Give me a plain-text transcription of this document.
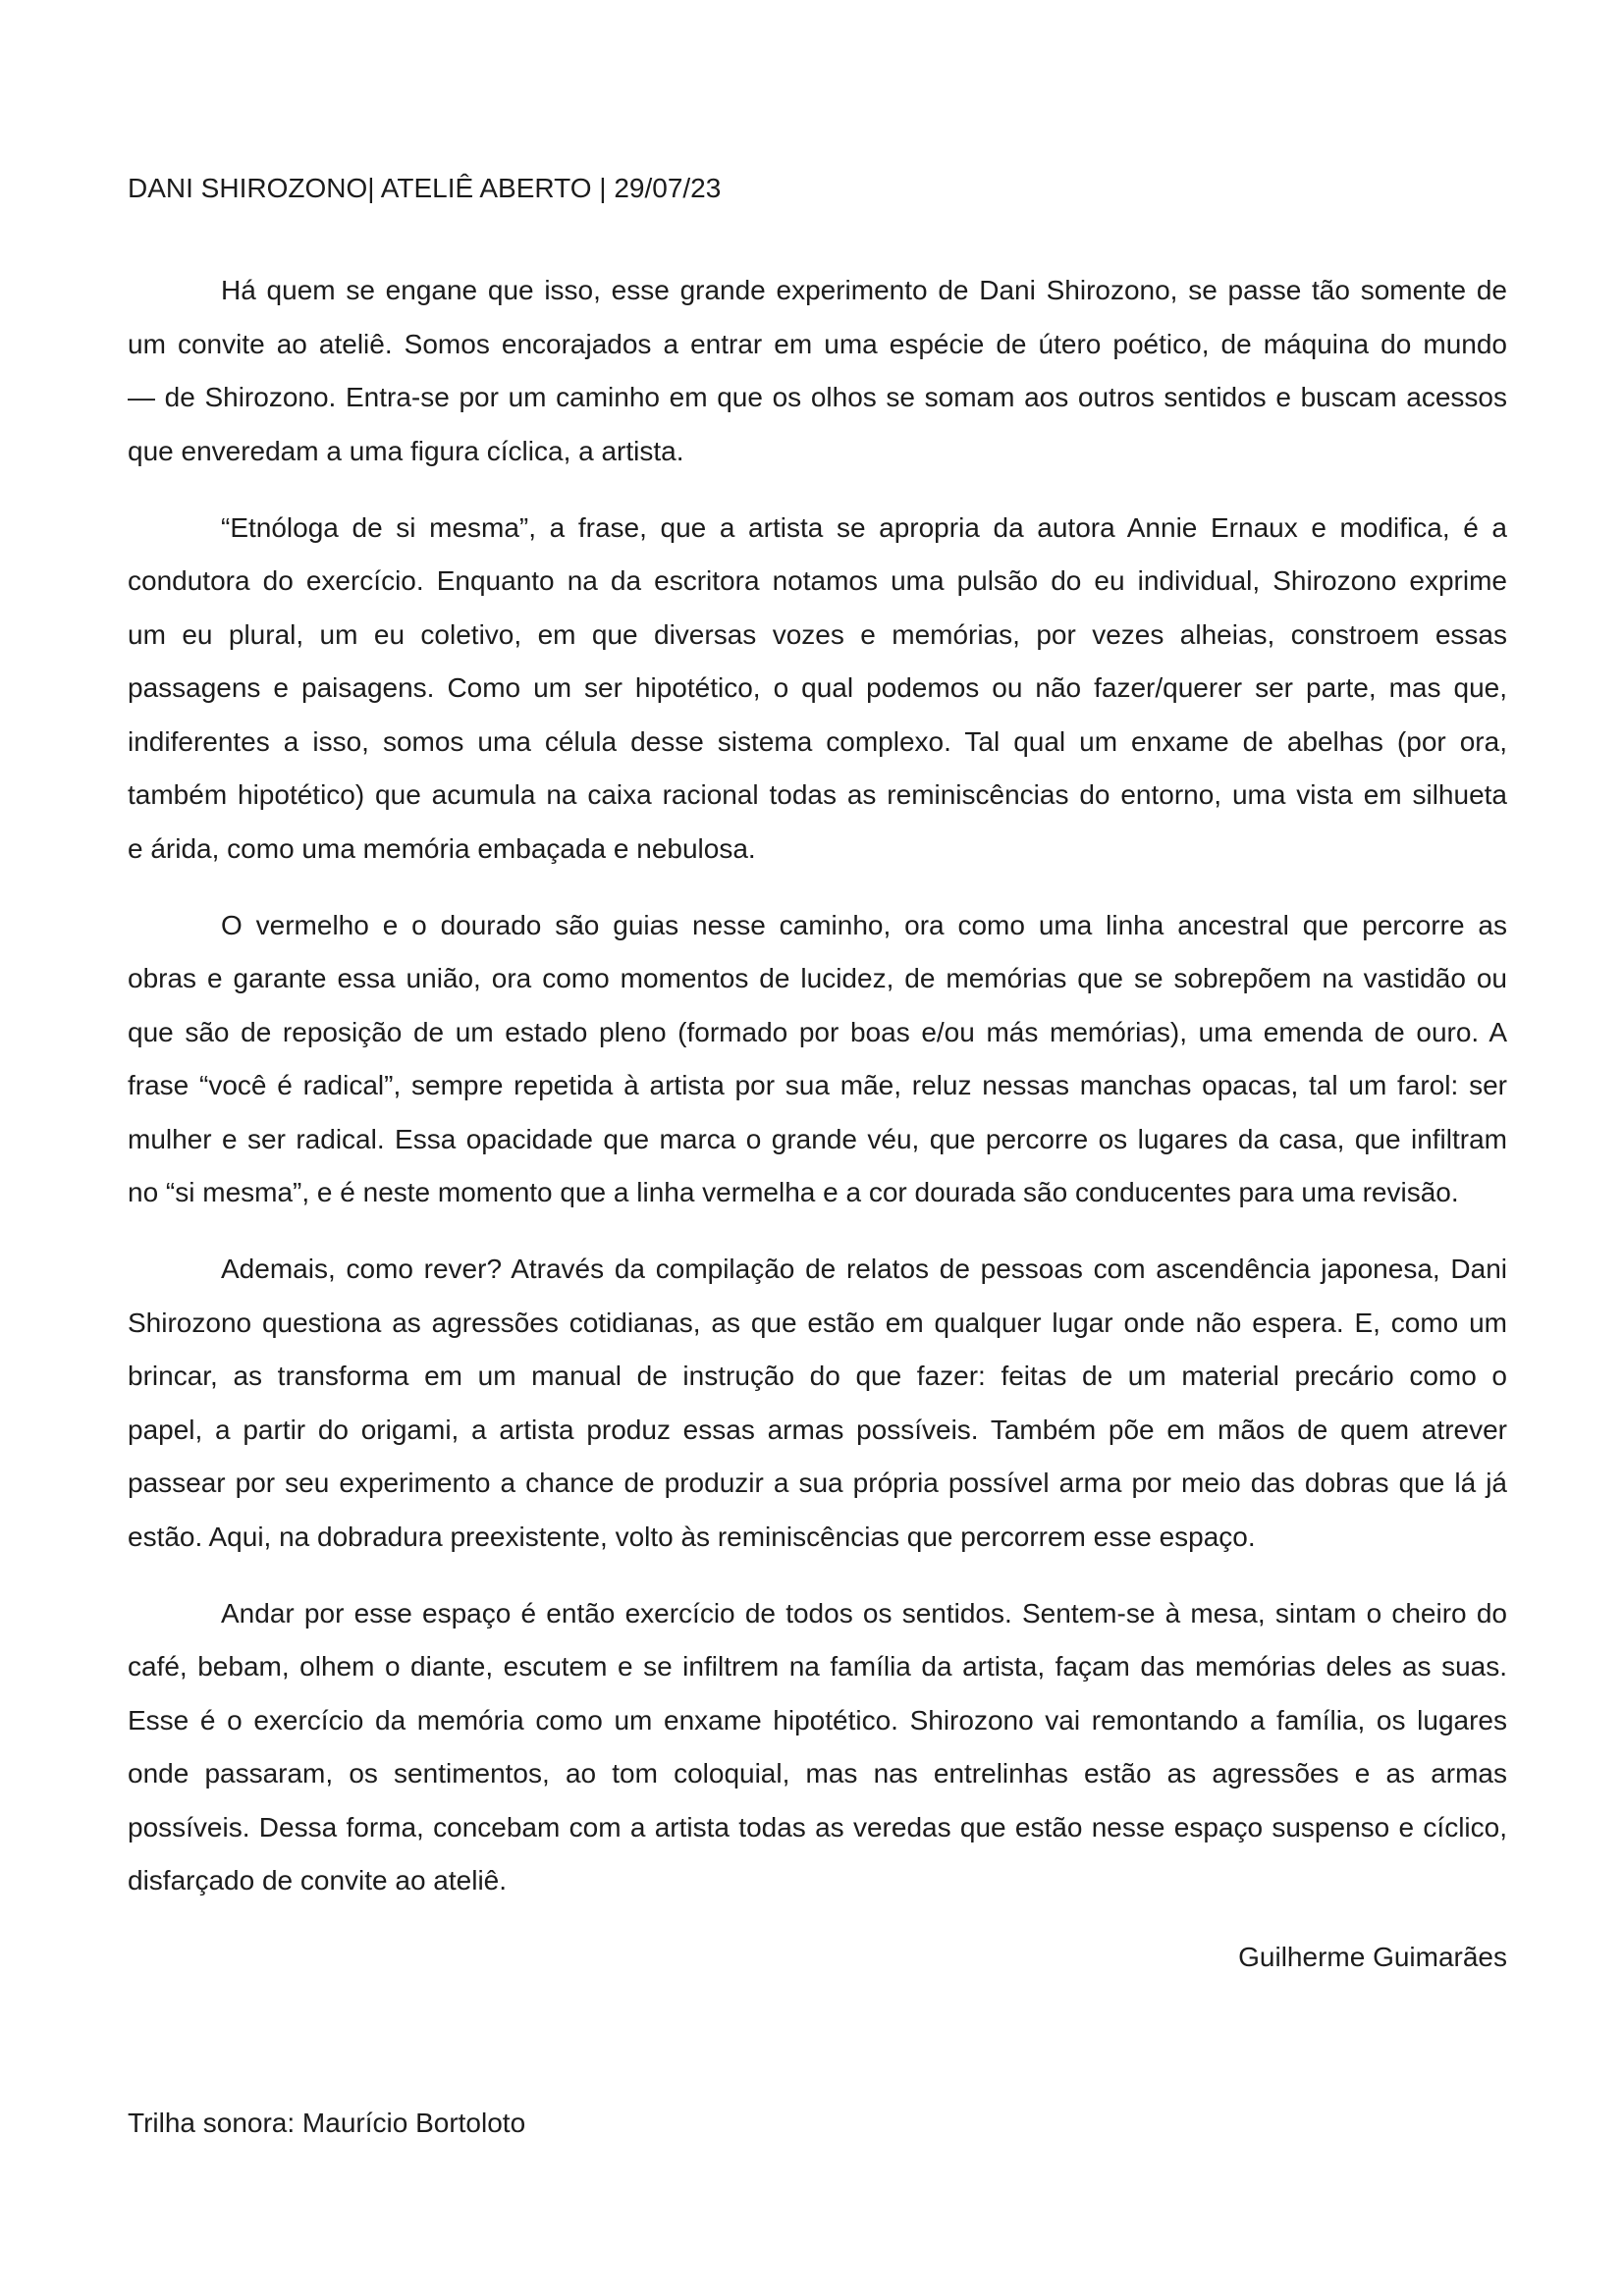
DANI SHIROZONO| ATELIÊ ABERTO | 29/07/23
Há quem se engane que isso, esse grande experimento de Dani Shirozono, se passe tão somente de
um convite ao ateliê. Somos encorajados a entrar em uma espécie de útero poético, de máquina do mundo
— de Shirozono. Entra-se por um caminho em que os olhos se somam aos outros sentidos e buscam acessos
que enveredam a uma figura cíclica, a artista.
“Etnóloga de si mesma”, a frase, que a artista se apropria da autora Annie Ernaux e modifica, é a
condutora do exercício. Enquanto na da escritora notamos uma pulsão do eu individual, Shirozono exprime
um eu plural, um eu coletivo, em que diversas vozes e memórias, por vezes alheias, constroem essas
passagens e paisagens. Como um ser hipotético, o qual podemos ou não fazer/querer ser parte, mas que,
indiferentes a isso, somos uma célula desse sistema complexo. Tal qual um enxame de abelhas (por ora,
também hipotético) que acumula na caixa racional todas as reminiscências do entorno, uma vista em silhueta
e árida, como uma memória embaçada e nebulosa.
O vermelho e o dourado são guias nesse caminho, ora como uma linha ancestral que percorre as
obras e garante essa união, ora como momentos de lucidez, de memórias que se sobrepõem na vastidão ou
que são de reposição de um estado pleno (formado por boas e/ou más memórias), uma emenda de ouro. A
frase “você é radical”, sempre repetida à artista por sua mãe, reluz nessas manchas opacas, tal um farol: ser
mulher e ser radical. Essa opacidade que marca o grande véu, que percorre os lugares da casa, que infiltram
no “si mesma”, e é neste momento que a linha vermelha e a cor dourada são conducentes para uma revisão.
Ademais, como rever? Através da compilação de relatos de pessoas com ascendência japonesa, Dani
Shirozono questiona as agressões cotidianas, as que estão em qualquer lugar onde não espera. E, como um
brincar, as transforma em um manual de instrução do que fazer: feitas de um material precário como o
papel, a partir do origami, a artista produz essas armas possíveis. Também põe em mãos de quem atrever
passear por seu experimento a chance de produzir a sua própria possível arma por meio das dobras que lá já
estão. Aqui, na dobradura preexistente, volto às reminiscências que percorrem esse espaço.
Andar por esse espaço é então exercício de todos os sentidos. Sentem-se à mesa, sintam o cheiro do
café, bebam, olhem o diante, escutem e se infiltrem na família da artista, façam das memórias deles as suas.
Esse é o exercício da memória como um enxame hipotético. Shirozono vai remontando a família, os lugares
onde passaram, os sentimentos, ao tom coloquial, mas nas entrelinhas estão as agressões e as armas
possíveis. Dessa forma, concebam com a artista todas as veredas que estão nesse espaço suspenso e cíclico,
disfarçado de convite ao ateliê.
Guilherme Guimarães
Trilha sonora: Maurício Bortoloto
